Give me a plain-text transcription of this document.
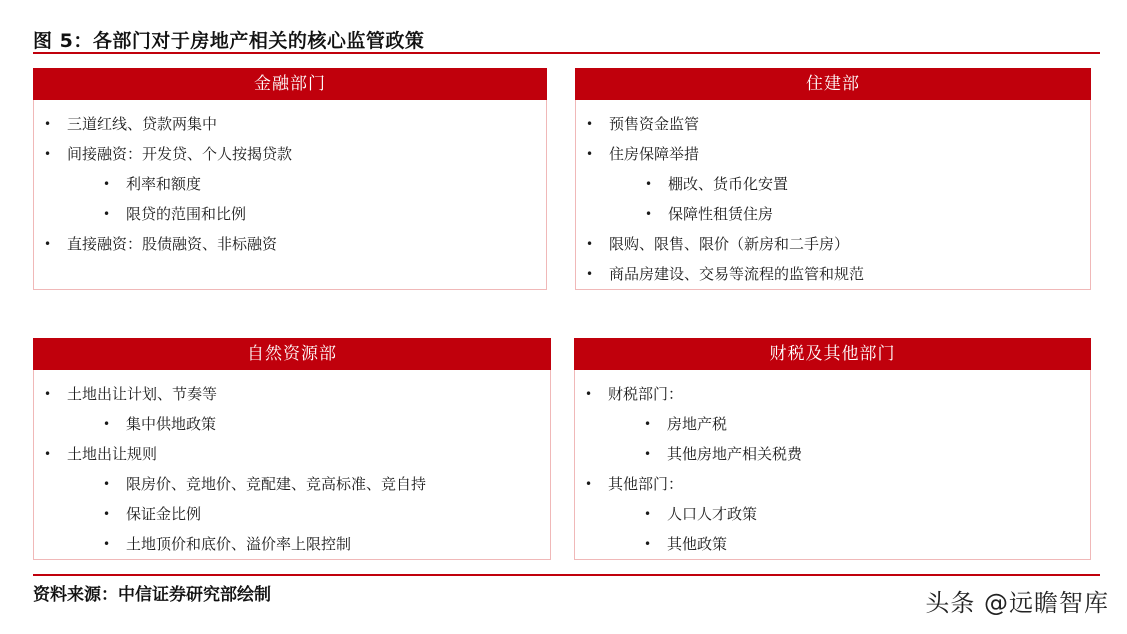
图 5：各部门对于房地产相关的核心监管政策
金融部门
• 三道红线、贷款两集中
• 间接融资：开发贷、个人按揭贷款
• 利率和额度
• 限贷的范围和比例
• 直接融资：股债融资、非标融资
住建部
• 预售资金监管
• 住房保障举措
• 棚改、货币化安置
• 保障性租赁住房
• 限购、限售、限价（新房和二手房）
• 商品房建设、交易等流程的监管和规范
自然资源部
• 土地出让计划、节奏等
• 集中供地政策
• 土地出让规则
• 限房价、竞地价、竞配建、竞高标准、竞自持
• 保证金比例
• 土地顶价和底价、溢价率上限控制
财税及其他部门
• 财税部门：
• 房地产税
• 其他房地产相关税费
• 其他部门：
• 人口人才政策
• 其他政策
资料来源：中信证券研究部绘制	头条 @远瞻智库
